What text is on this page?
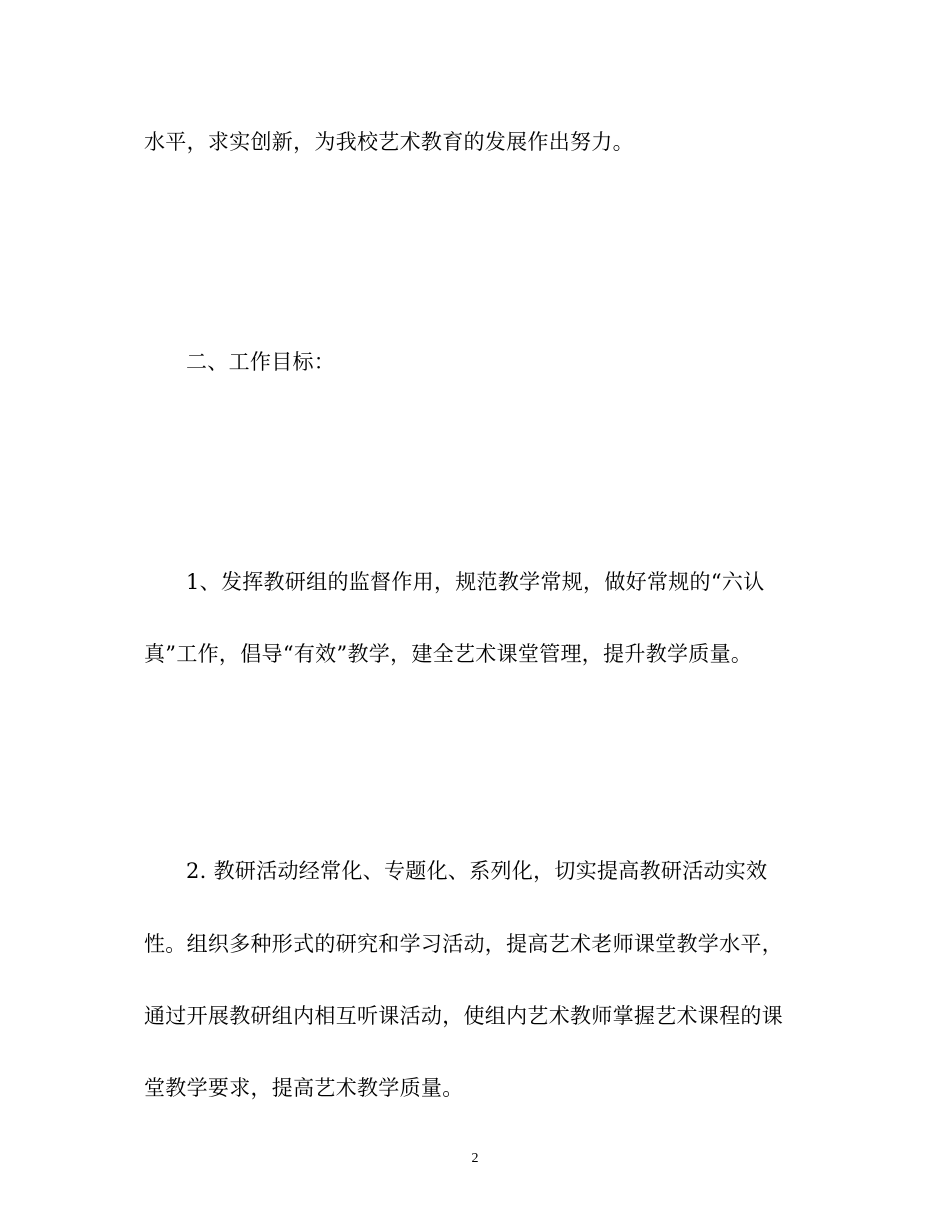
水平，求实创新，为我校艺术教育的发展作出努力。
二、工作目标：
1、发挥教研组的监督作用，规范教学常规，做好常规的“六认
真”工作，倡导“有效”教学，建全艺术课堂管理，提升教学质量。
2. 教研活动经常化、专题化、系列化，切实提高教研活动实效
性。组织多种形式的研究和学习活动，提高艺术老师课堂教学水平，
通过开展教研组内相互听课活动，使组内艺术教师掌握艺术课程的课
堂教学要求，提高艺术教学质量。
2
